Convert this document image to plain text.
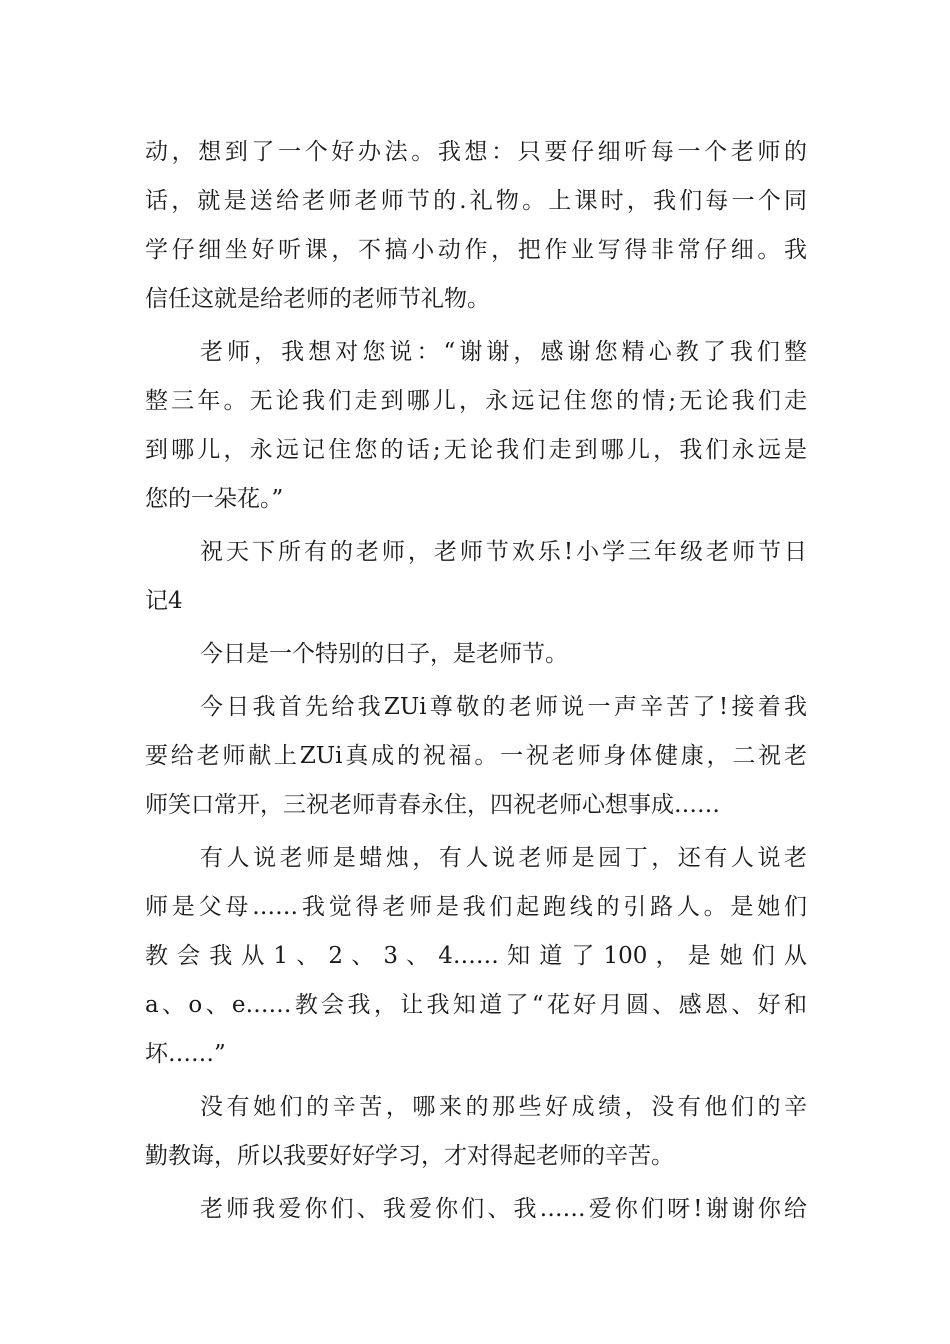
动，想到了一个好办法。我想：只要仔细听每一个老师的
话，就是送给老师老师节的.礼物。上课时，我们每一个同
学仔细坐好听课，不搞小动作，把作业写得非常仔细。我
信任这就是给老师的老师节礼物。
老师，我想对您说：“谢谢，感谢您精心教了我们整
整三年。无论我们走到哪儿，永远记住您的情;无论我们走
到哪儿，永远记住您的话;无论我们走到哪儿，我们永远是
您的一朵花。”
祝天下所有的老师，老师节欢乐!小学三年级老师节日
记4
今日是一个特别的日子，是老师节。
今日我首先给我ZUi尊敬的老师说一声辛苦了!接着我
要给老师献上ZUi真成的祝福。一祝老师身体健康，二祝老
师笑口常开，三祝老师青春永住，四祝老师心想事成……
有人说老师是蜡烛，有人说老师是园丁，还有人说老
师是父母……我觉得老师是我们起跑线的引路人。是她们
教 会 我 从 1 、 2 、 3 、 4…… 知 道 了 100 ， 是 她 们 从
a、o、e……教会我，让我知道了“花好月圆、感恩、好和
坏……”
没有她们的辛苦，哪来的那些好成绩，没有他们的辛
勤教诲，所以我要好好学习，才对得起老师的辛苦。
老师我爱你们、我爱你们、我……爱你们呀!谢谢你给
